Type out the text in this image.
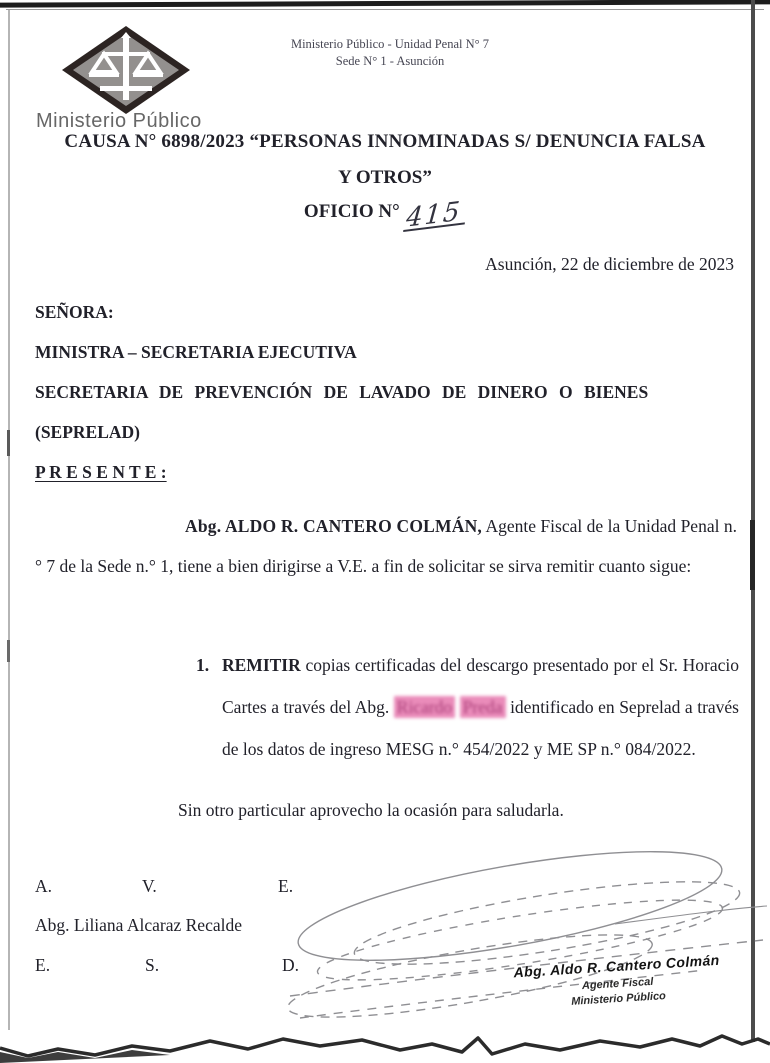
Ministerio Público
Ministerio Público - Unidad Penal N° 7
Sede N° 1 - Asunción
CAUSA N° 6898/2023 “PERSONAS INNOMINADAS S/ DENUNCIA FALSA
Y OTROS”
OFICIO N° 415
Asunción, 22 de diciembre de 2023
SEÑORA:
MINISTRA – SECRETARIA EJECUTIVA
SECRETARIA DE PREVENCIÓN DE LAVADO DE DINERO O BIENES
(SEPRELAD)
P R E S E N T E :
Abg. ALDO R. CANTERO COLMÁN, Agente Fiscal de la Unidad Penal n.° 7 de la Sede n.° 1, tiene a bien dirigirse a V.E. a fin de solicitar se sirva remitir cuanto sigue:
1. REMITIR copias certificadas del descargo presentado por el Sr. Horacio Cartes a través del Abg. Ricardo Preda identificado en Seprelad a través de los datos de ingreso MESG n.° 454/2022 y ME SP n.° 084/2022.
Sin otro particular aprovecho la ocasión para saludarla.
A.	V.	E.
Abg. Liliana Alcaraz Recalde
E.	S.	D.	Abg. Aldo R. Cantero Colmán
Agente Fiscal
Ministerio Público
